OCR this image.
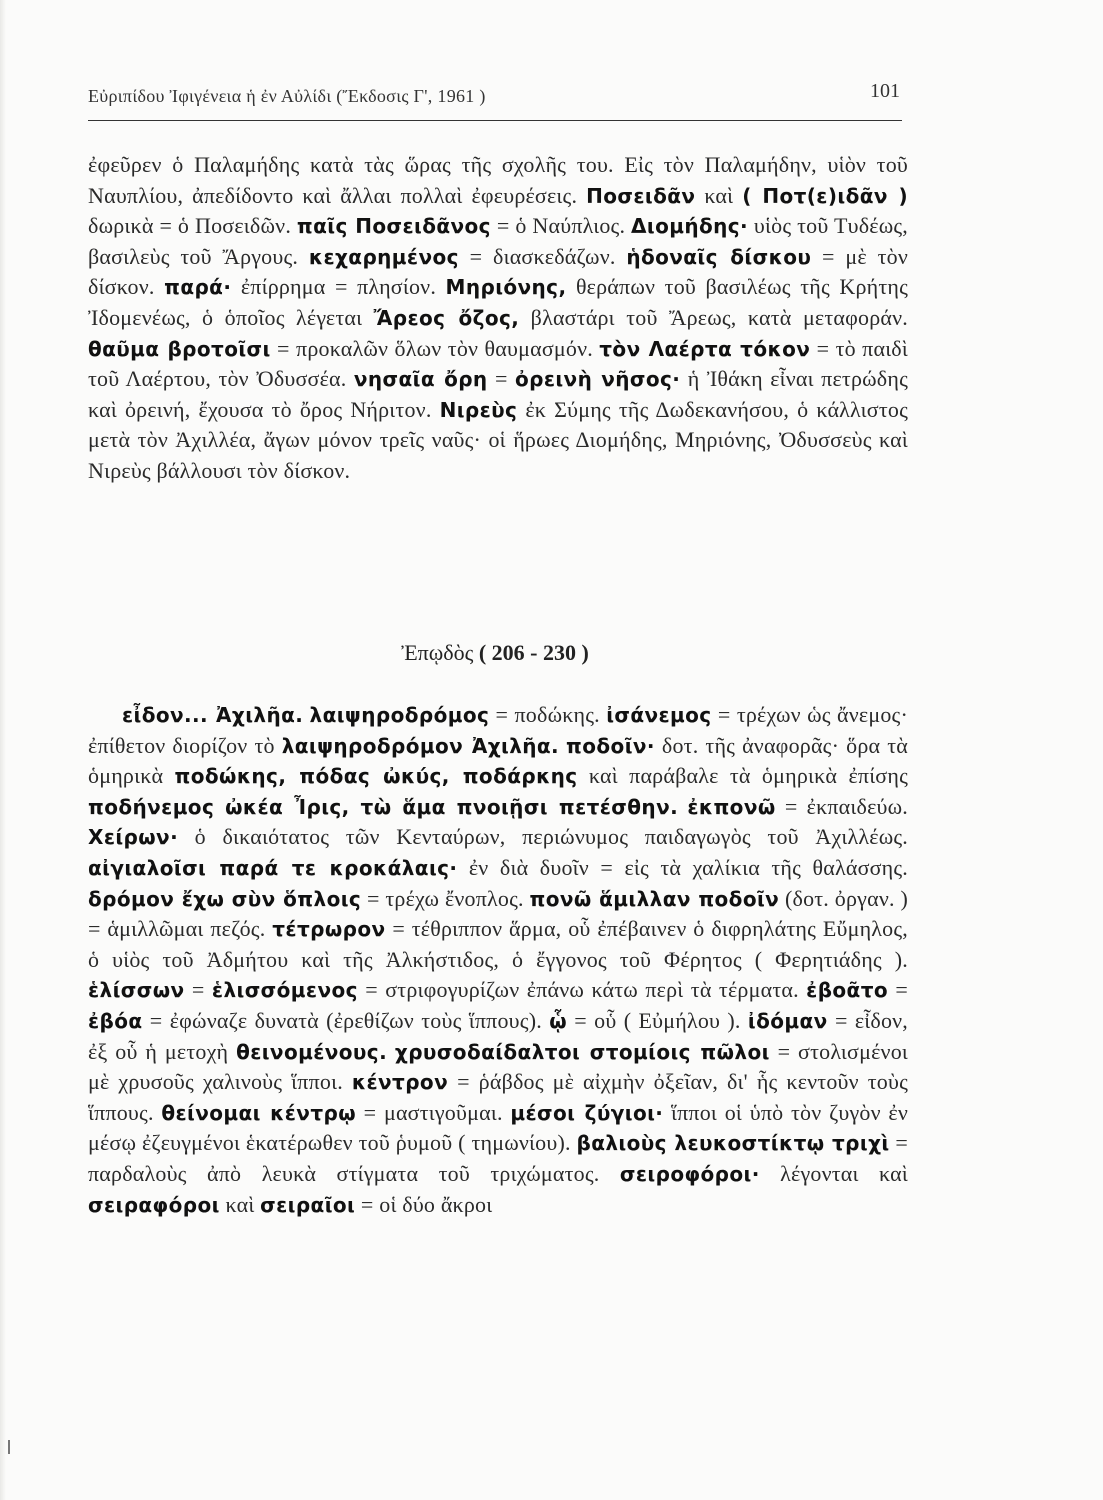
Εὐριπίδου Ἰφιγένεια ἡ ἐν Αὐλίδι (Ἔκδοσις Γ', 1961 )	101

ἐφεῦρεν ὁ Παλαμήδης κατὰ τὰς ὥρας τῆς σχολῆς του. Εἰς τὸν Παλαμήδην, υἱὸν τοῦ Ναυπλίου, ἀπεδίδοντο καὶ ἄλλαι πολλαὶ ἐφευρέσεις. Ποσειδᾶν καὶ ( Ποτ(ε)ιδᾶν ) δωρικὰ = ὁ Ποσειδῶν. παῖς Ποσειδᾶνος = ὁ Ναύπλιος. Διομήδης· υἱὸς τοῦ Τυδέως, βασιλεὺς τοῦ Ἄργους. κεχαρημένος = διασκεδάζων. ἡδοναῖς δίσκου = μὲ τὸν δίσκον. παρά· ἐπίρρημα = πλησίον. Μηριόνης, θεράπων τοῦ βασιλέως τῆς Κρήτης Ἰδομενέως, ὁ ὁποῖος λέγεται Ἄρεος ὄζος, βλαστάρι τοῦ Ἄρεως, κατὰ μεταφοράν. θαῦμα βροτοῖσι = προκαλῶν ὅλων τὸν θαυμασμόν. τὸν Λαέρτα τόκον = τὸ παιδὶ τοῦ Λαέρτου, τὸν Ὀδυσσέα. νησαῖα ὄρη = ὀρεινὴ νῆσος· ἡ Ἰθάκη εἶναι πετρώδης καὶ ὀρεινή, ἔχουσα τὸ ὄρος Νήριτον. Νιρεὺς ἐκ Σύμης τῆς Δωδεκανήσου, ὁ κάλλιστος μετὰ τὸν Ἀχιλλέα, ἄγων μόνον τρεῖς ναῦς· οἱ ἥρωες Διομήδης, Μηριόνης, Ὀδυσσεὺς καὶ Νιρεὺς βάλλουσι τὸν δίσκον.

Ἐπῳδὸς ( 206 - 230 )

εἶδον... Ἀχιλῆα. λαιψηροδρόμος = ποδώκης. ἰσάνεμος = τρέχων ὡς ἄνεμος· ἐπίθετον διορίζον τὸ λαιψηροδρόμον Ἀχιλῆα. ποδοῖν· δοτ. τῆς ἀναφορᾶς· ὅρα τὰ ὁμηρικὰ ποδώκης, πόδας ὠκύς, ποδάρκης καὶ παράβαλε τὰ ὁμηρικὰ ἐπίσης ποδήνεμος ὠκέα Ἶρις, τὼ ἅμα πνοιῇσι πετέσθην. ἐκπονῶ = ἐκπαιδεύω. Χείρων· ὁ δικαιότατος τῶν Κενταύρων, περιώνυμος παιδαγωγὸς τοῦ Ἀχιλλέως. αἰγιαλοῖσι παρά τε κροκάλαις· ἐν διὰ δυοῖν = εἰς τὰ χαλίκια τῆς θαλάσσης. δρόμον ἔχω σὺν ὅπλοις = τρέχω ἔνοπλος. πονῶ ἅμιλλαν ποδοῖν (δοτ. ὀργαν. ) = ἁμιλλῶμαι πεζός. τέτρωρον = τέθριππον ἅρμα, οὗ ἐπέβαινεν ὁ διφρηλάτης Εὔμηλος, ὁ υἱὸς τοῦ Ἀδμήτου καὶ τῆς Ἀλκήστιδος, ὁ ἔγγονος τοῦ Φέρητος ( Φερητιάδης ). ἑλίσσων = ἑλισσόμενος = στριφογυρίζων ἐπάνω κάτω περὶ τὰ τέρματα. ἐβοᾶτο = ἐβόα = ἐφώναζε δυνατὰ (ἐρεθίζων τοὺς ἵππους). ᾧ = οὗ ( Εὐμήλου ). ἰδόμαν = εἶδον, ἐξ οὗ ἡ μετοχὴ θεινομένους. χρυσοδαίδαλτοι στομίοις πῶλοι = στολισμένοι μὲ χρυσοῦς χαλινοὺς ἵπποι. κέντρον = ῥάβδος μὲ αἰχμὴν ὀξεῖαν, δι' ἧς κεντοῦν τοὺς ἵππους. θείνομαι κέντρῳ = μαστιγοῦμαι. μέσοι ζύγιοι· ἵπποι οἱ ὑπὸ τὸν ζυγὸν ἐν μέσῳ ἐζευγμένοι ἑκατέρωθεν τοῦ ῥυμοῦ ( τημωνίου). βαλιοὺς λευκοστίκτῳ τριχὶ = παρδαλοὺς ἀπὸ λευκὰ στίγματα τοῦ τριχώματος. σειροφόροι· λέγονται καὶ σειραφόροι καὶ σειραῖοι = οἱ δύο ἄκροι
